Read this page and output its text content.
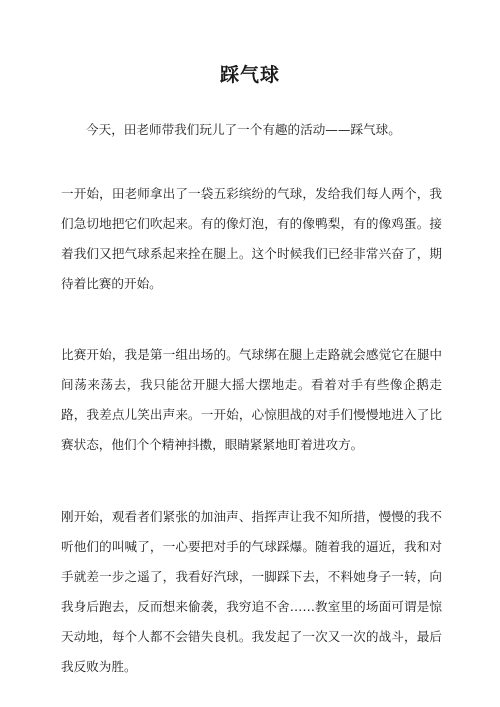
踩气球

今天，田老师带我们玩儿了一个有趣的活动——踩气球。

一开始，田老师拿出了一袋五彩缤纷的气球，发给我们每人两个，我们急切地把它们吹起来。有的像灯泡，有的像鸭梨，有的像鸡蛋。接着我们又把气球系起来拴在腿上。这个时候我们已经非常兴奋了，期待着比赛的开始。

比赛开始，我是第一组出场的。气球绑在腿上走路就会感觉它在腿中间荡来荡去，我只能岔开腿大摇大摆地走。看着对手有些像企鹅走路，我差点儿笑出声来。一开始，心惊胆战的对手们慢慢地进入了比赛状态，他们个个精神抖擞，眼睛紧紧地盯着进攻方。

刚开始，观看者们紧张的加油声、指挥声让我不知所措，慢慢的我不听他们的叫喊了，一心要把对手的气球踩爆。随着我的逼近，我和对手就差一步之遥了，我看好汽球，一脚踩下去，不料她身子一转，向我身后跑去，反而想来偷袭，我穷追不舍……教室里的场面可谓是惊天动地，每个人都不会错失良机。我发起了一次又一次的战斗，最后我反败为胜。
